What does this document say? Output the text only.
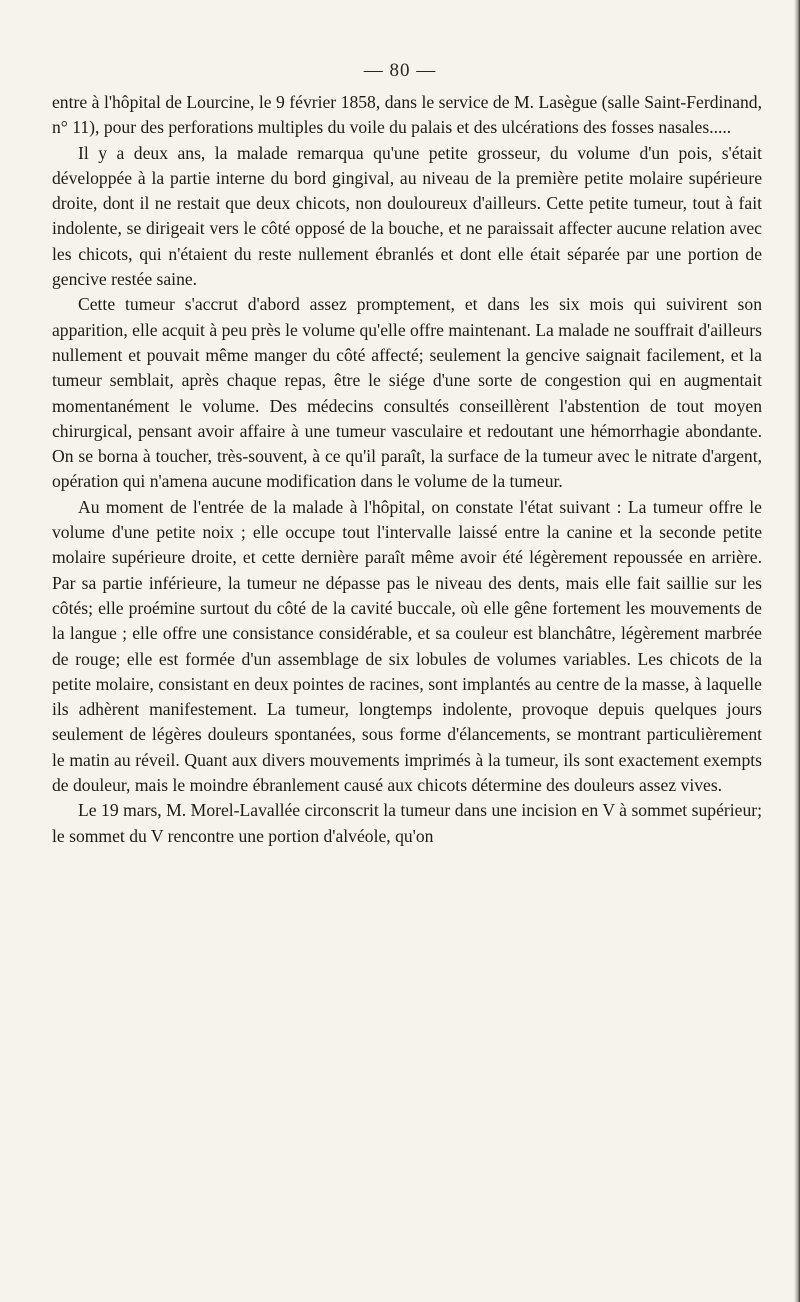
— 80 —

entre à l'hôpital de Lourcine, le 9 février 1858, dans le service de M. Lasègue (salle Saint-Ferdinand, n° 11), pour des perforations multiples du voile du palais et des ulcérations des fosses nasales.....

Il y a deux ans, la malade remarqua qu'une petite grosseur, du volume d'un pois, s'était développée à la partie interne du bord gingival, au niveau de la première petite molaire supérieure droite, dont il ne restait que deux chicots, non douloureux d'ailleurs. Cette petite tumeur, tout à fait indolente, se dirigeait vers le côté opposé de la bouche, et ne paraissait affecter aucune relation avec les chicots, qui n'étaient du reste nullement ébranlés et dont elle était séparée par une portion de gencive restée saine.

Cette tumeur s'accrut d'abord assez promptement, et dans les six mois qui suivirent son apparition, elle acquit à peu près le volume qu'elle offre maintenant. La malade ne souffrait d'ailleurs nullement et pouvait même manger du côté affecté; seulement la gencive saignait facilement, et la tumeur semblait, après chaque repas, être le siége d'une sorte de congestion qui en augmentait momentanément le volume. Des médecins consultés conseillèrent l'abstention de tout moyen chirurgical, pensant avoir affaire à une tumeur vasculaire et redoutant une hémorrhagie abondante. On se borna à toucher, très-souvent, à ce qu'il paraît, la surface de la tumeur avec le nitrate d'argent, opération qui n'amena aucune modification dans le volume de la tumeur.

Au moment de l'entrée de la malade à l'hôpital, on constate l'état suivant : La tumeur offre le volume d'une petite noix ; elle occupe tout l'intervalle laissé entre la canine et la seconde petite molaire supérieure droite, et cette dernière paraît même avoir été légèrement repoussée en arrière. Par sa partie inférieure, la tumeur ne dépasse pas le niveau des dents, mais elle fait saillie sur les côtés; elle proémine surtout du côté de la cavité buccale, où elle gêne fortement les mouvements de la langue ; elle offre une consistance considérable, et sa couleur est blanchâtre, légèrement marbrée de rouge; elle est formée d'un assemblage de six lobules de volumes variables. Les chicots de la petite molaire, consistant en deux pointes de racines, sont implantés au centre de la masse, à laquelle ils adhèrent manifestement. La tumeur, longtemps indolente, provoque depuis quelques jours seulement de légères douleurs spontanées, sous forme d'élancements, se montrant particulièrement le matin au réveil. Quant aux divers mouvements imprimés à la tumeur, ils sont exactement exempts de douleur, mais le moindre ébranlement causé aux chicots détermine des douleurs assez vives.

Le 19 mars, M. Morel-Lavallée circonscrit la tumeur dans une incision en V à sommet supérieur; le sommet du V rencontre une portion d'alvéole, qu'on
